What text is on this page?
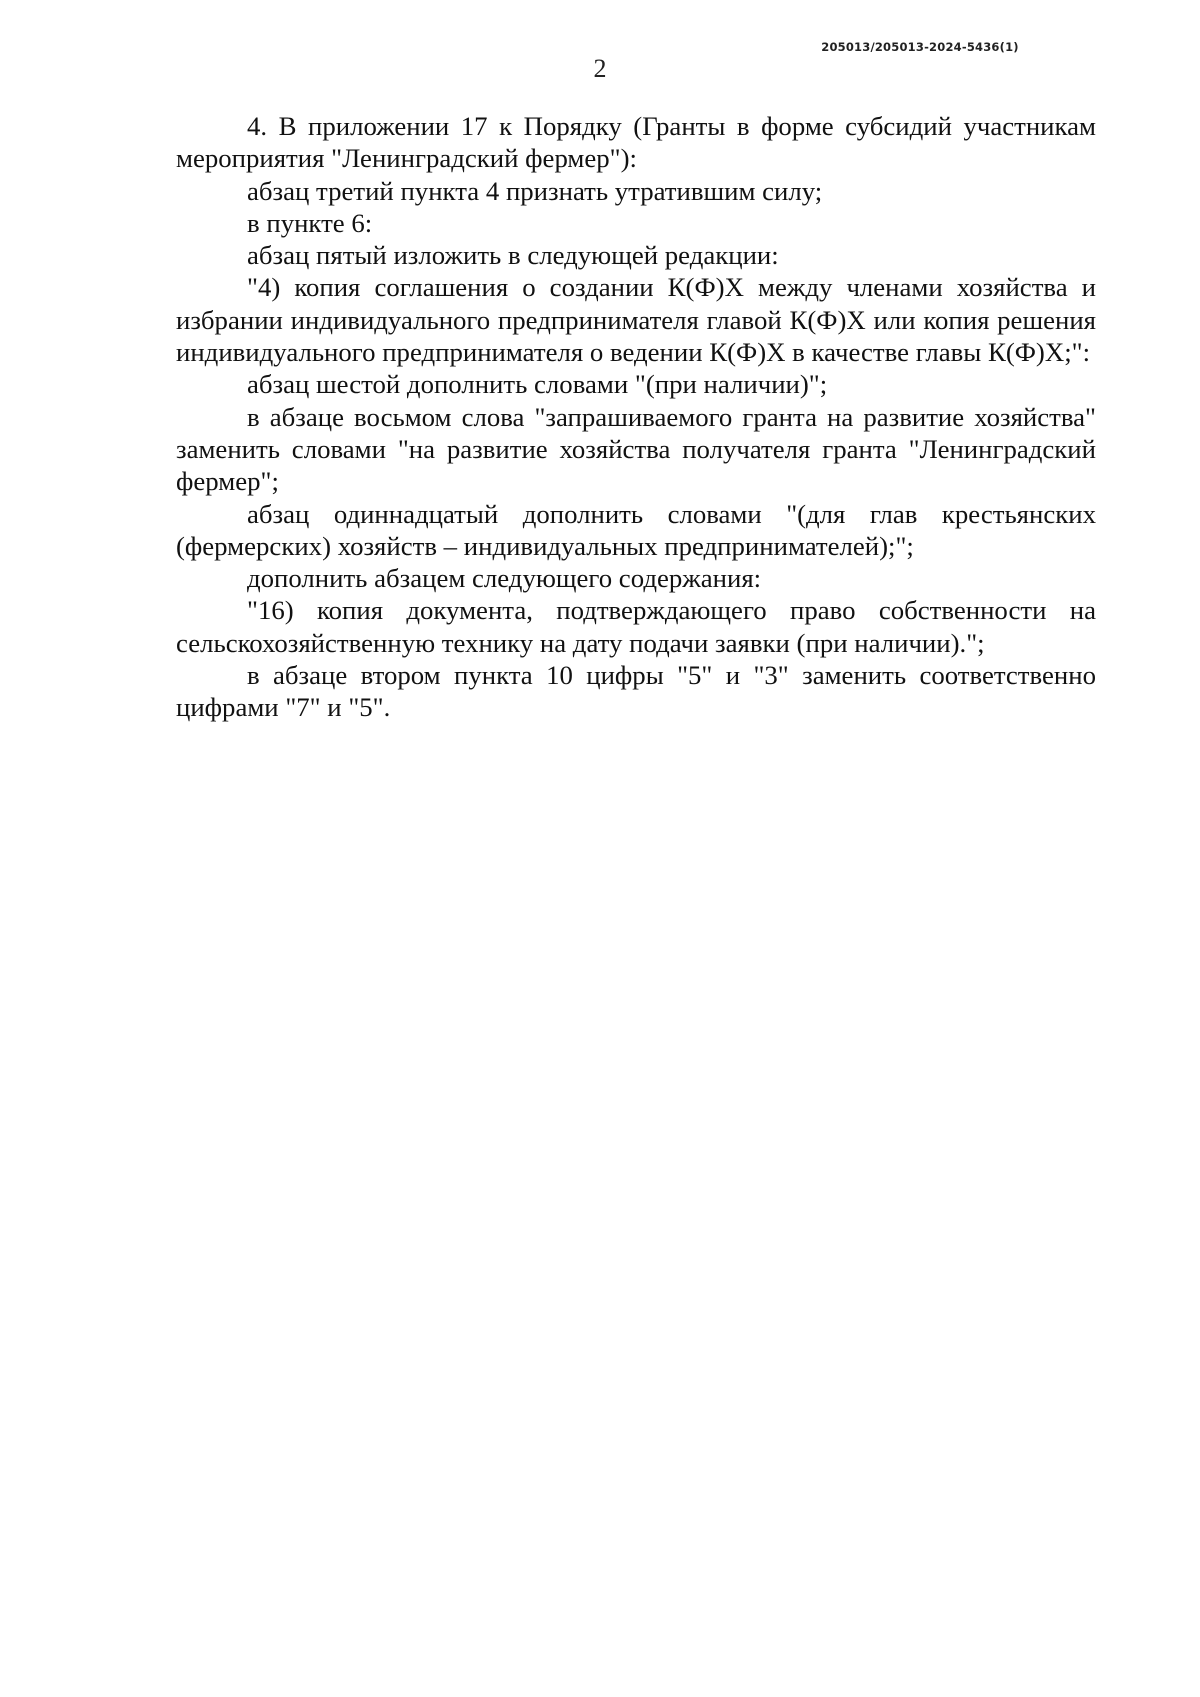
205013/205013-2024-5436(1)
2

4. В приложении 17 к Порядку (Гранты в форме субсидий участникам мероприятия "Ленинградский фермер"):

абзац третий пункта 4 признать утратившим силу;

в пункте 6:

абзац пятый изложить в следующей редакции:

"4) копия соглашения о создании К(Ф)Х между членами хозяйства и избрании индивидуального предпринимателя главой К(Ф)Х или копия решения индивидуального предпринимателя о ведении К(Ф)Х в качестве главы К(Ф)Х;":

абзац шестой дополнить словами "(при наличии)";

в абзаце восьмом слова "запрашиваемого гранта на развитие хозяйства" заменить словами "на развитие хозяйства получателя гранта "Ленинградский фермер";

абзац одиннадцатый дополнить словами "(для глав крестьянских (фермерских) хозяйств – индивидуальных предпринимателей);";

дополнить абзацем следующего содержания:

"16) копия документа, подтверждающего право собственности на сельскохозяйственную технику на дату подачи заявки (при наличии).";

в абзаце втором пункта 10 цифры "5" и "3" заменить соответственно цифрами "7" и "5".
